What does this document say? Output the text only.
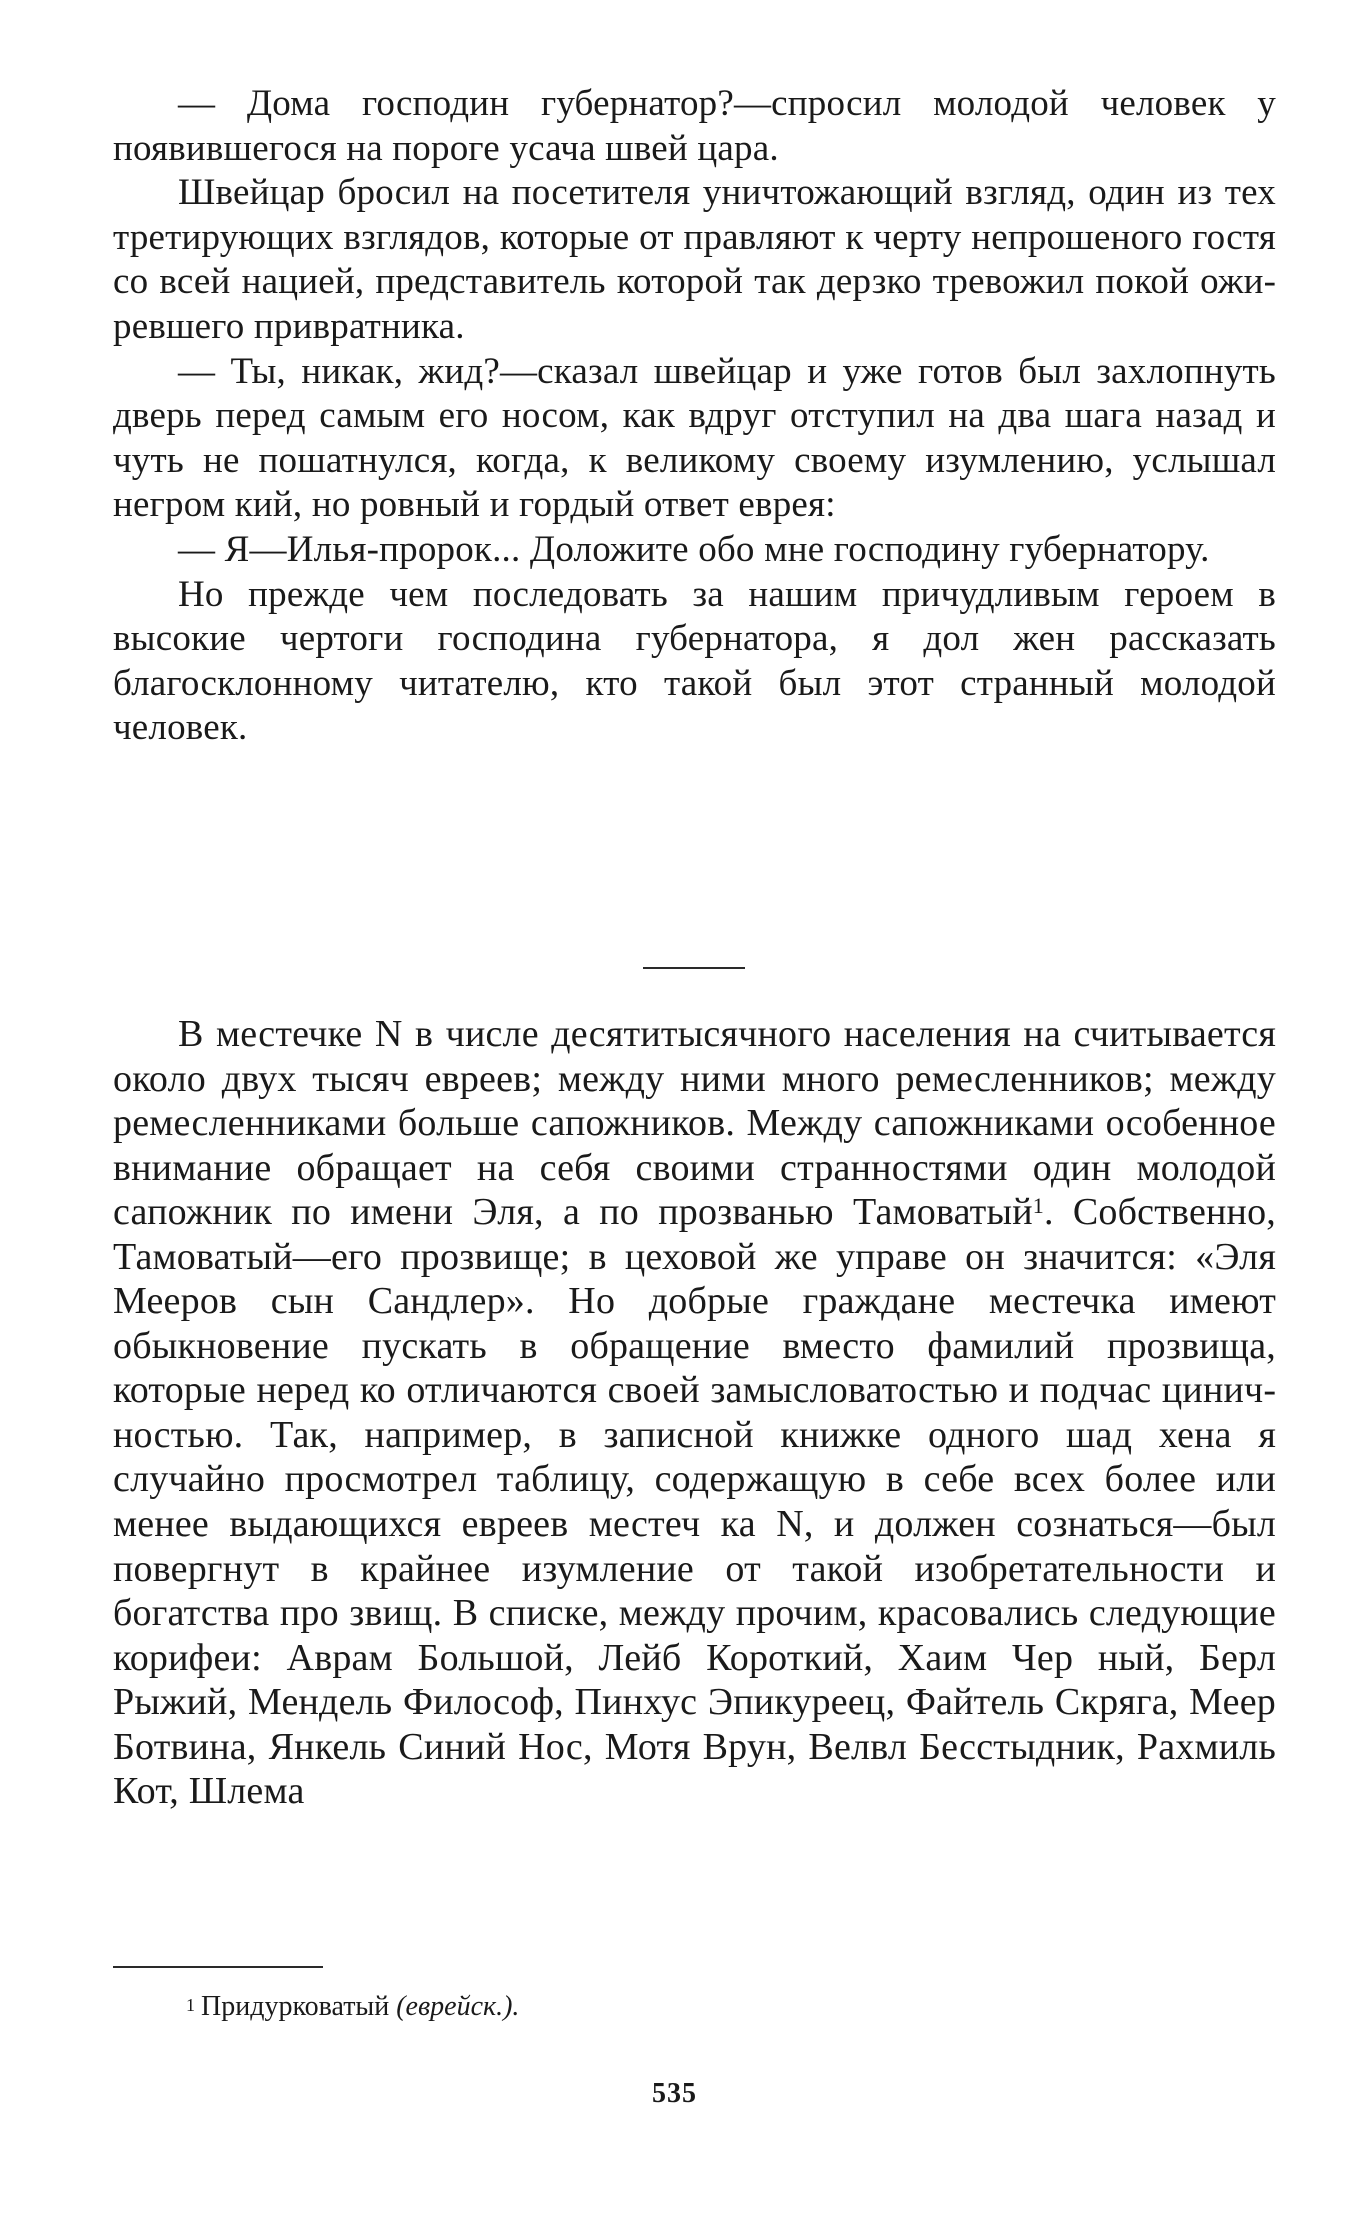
— Дома господин губернатор?—спросил молодой человек у появившегося на пороге усача швей цара.

Швейцар бросил на посетителя уничтожающий взгляд, один из тех третирующих взглядов, которые от правляют к черту непрошеного гостя со всей нацией, представитель которой так дерзко тревожил покой ожи ревшего привратника.

— Ты, никак, жид?—сказал швейцар и уже готов был захлопнуть дверь перед самым его носом, как вдруг отступил на два шага назад и чуть не пошатнулся, когда, к великому своему изумлению, услышал негром кий, но ровный и гордый ответ еврея:

— Я—Илья-пророк... Доложите обо мне господину губернатору.

Но прежде чем последовать за нашим причудливым героем в высокие чертоги господина губернатора, я дол жен рассказать благосклонному читателю, кто такой был этот странный молодой человек.

В местечке N в числе десятитысячного населения на считывается около двух тысяч евреев; между ними много ремесленников; между ремесленниками больше сапожников. Между сапожниками особенное внимание обращает на себя своими странностями один молодой сапожник по имени Эля, а по прозванью Тамоватый$^1$. Собственно, Тамоватый—его прозвище; в цеховой же управе он значится: «Эля Мееров сын Сандлер». Но добрые граждане местечка имеют обыкновение пускать в обращение вместо фамилий прозвища, которые неред ко отличаются своей замысловатостью и подчас цинич ностью. Так, например, в записной книжке одного шад хена я случайно просмотрел таблицу, содержащую в себе всех более или менее выдающихся евреев местеч ка N, и должен сознаться—был повергнут в крайнее изумление от такой изобретательности и богатства про звищ. В списке, между прочим, красовались следующие корифеи: Аврам Большой, Лейб Короткий, Хаим Чер ный, Берл Рыжий, Мендель Философ, Пинхус Эпикуреец, Файтель Скряга, Меер Ботвина, Янкель Синий Нос, Мотя Врун, Велвл Бесстыдник, Рахмиль Кот, Шлема

$^1$ Придурковатый (еврейск.).
535
